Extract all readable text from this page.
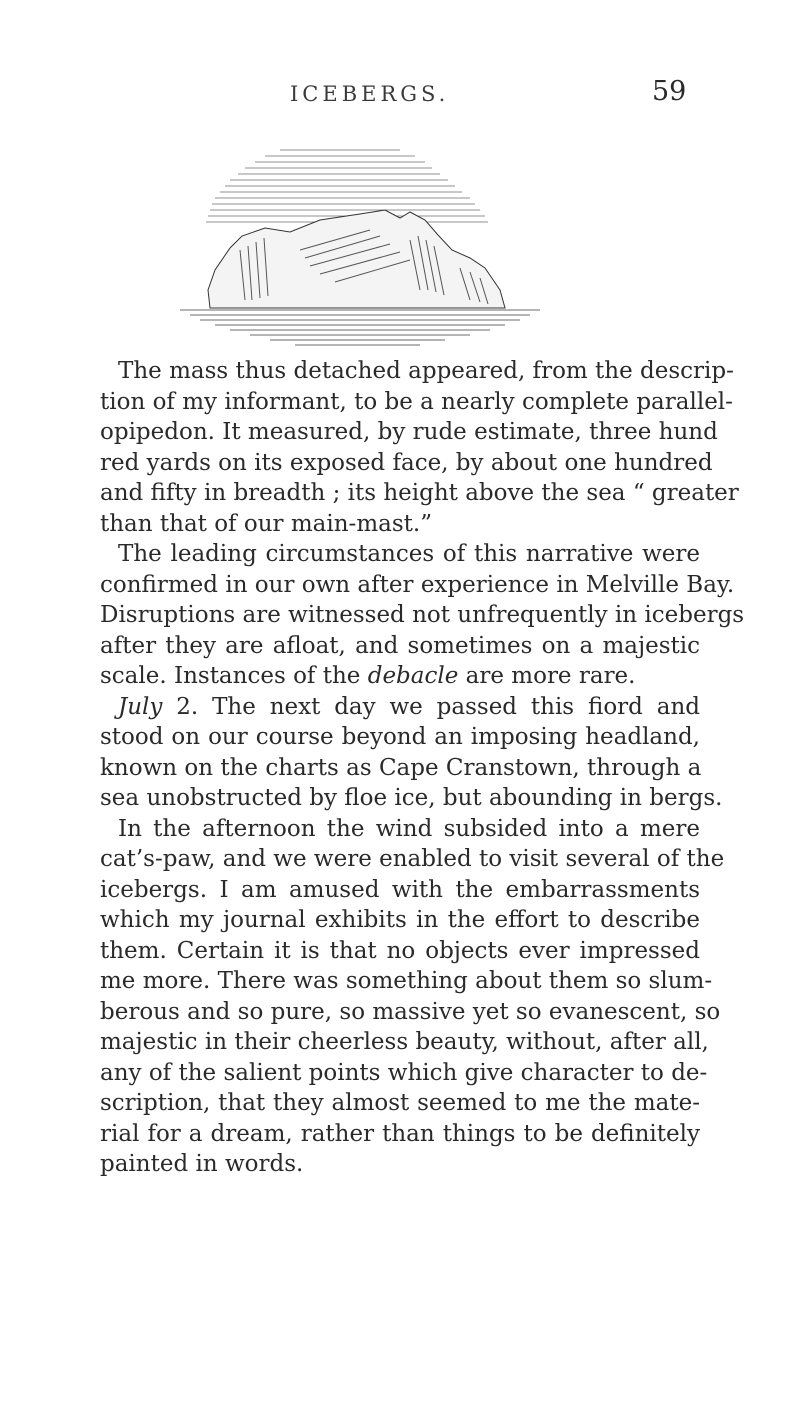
ICEBERGS.	59
The mass thus detached appeared, from the descrip-
tion of my informant, to be a nearly complete parallel-
opipedon. It measured, by rude estimate, three hund
red yards on its exposed face, by about one hundred
and fifty in breadth ; its height above the sea “ greater
than that of our main-mast.”
The leading circumstances of this narrative were
confirmed in our own after experience in Melville Bay.
Disruptions are witnessed not unfrequently in icebergs
after they are afloat, and sometimes on a majestic
scale. Instances of the debacle are more rare.
July 2. The next day we passed this fiord and
stood on our course beyond an imposing headland,
known on the charts as Cape Cranstown, through a
sea unobstructed by floe ice, but abounding in bergs.
In the afternoon the wind subsided into a mere
cat’s-paw, and we were enabled to visit several of the
icebergs. I am amused with the embarrassments
which my journal exhibits in the effort to describe
them. Certain it is that no objects ever impressed
me more. There was something about them so slum-
berous and so pure, so massive yet so evanescent, so
majestic in their cheerless beauty, without, after all,
any of the salient points which give character to de-
scription, that they almost seemed to me the mate-
rial for a dream, rather than things to be definitely
painted in words.
